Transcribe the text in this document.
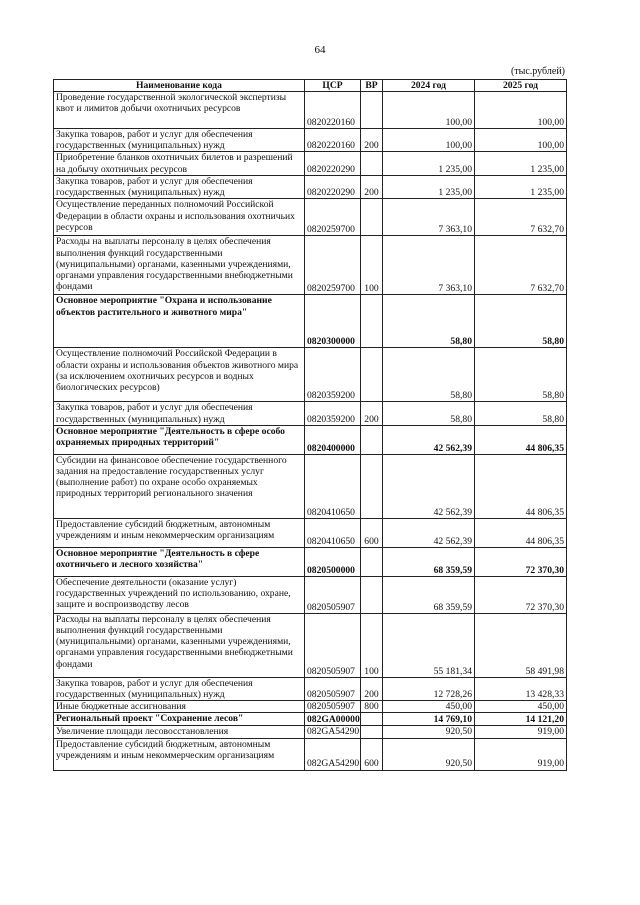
64
(тыс.рублей)
Наименование кода	ЦСР	ВР	2024 год	2025 год
Проведение государственной экологической экспертизы квот и лимитов добычи охотничьих ресурсов	0820220160		100,00	100,00
Закупка товаров, работ и услуг для обеспечения государственных (муниципальных) нужд	0820220160	200	100,00	100,00
Приобретение бланков охотничьих билетов и разрешений на добычу охотничьих ресурсов	0820220290		1 235,00	1 235,00
Закупка товаров, работ и услуг для обеспечения государственных (муниципальных) нужд	0820220290	200	1 235,00	1 235,00
Осуществление переданных полномочий Российской Федерации в области охраны и использования охотничьих ресурсов	0820259700		7 363,10	7 632,70
Расходы на выплаты персоналу в целях обеспечения выполнения функций государственными (муниципальными) органами, казенными учреждениями, органами управления государственными внебюджетными фондами	0820259700	100	7 363,10	7 632,70
Основное мероприятие "Охрана и использование объектов растительного и животного мира"	0820300000		58,80	58,80
Осуществление полномочий Российской Федерации в области охраны и использования объектов животного мира (за исключением охотничьих ресурсов и водных биологических ресурсов)	0820359200		58,80	58,80
Закупка товаров, работ и услуг для обеспечения государственных (муниципальных) нужд	0820359200	200	58,80	58,80
Основное мероприятие "Деятельность в сфере особо охраняемых природных территорий"	0820400000		42 562,39	44 806,35
Субсидии на финансовое обеспечение государственного задания на предоставление государственных услуг (выполнение работ) по охране особо охраняемых природных территорий регионального значения	0820410650		42 562,39	44 806,35
Предоставление субсидий бюджетным, автономным учреждениям и иным некоммерческим организациям	0820410650	600	42 562,39	44 806,35
Основное мероприятие "Деятельность в сфере охотничьего и лесного хозяйства"	0820500000		68 359,59	72 370,30
Обеспечение деятельности (оказание услуг) государственных учреждений по использованию, охране, защите и воспроизводству лесов	0820505907		68 359,59	72 370,30
Расходы на выплаты персоналу в целях обеспечения выполнения функций государственными (муниципальными) органами, казенными учреждениями, органами управления государственными внебюджетными фондами	0820505907	100	55 181,34	58 491,98
Закупка товаров, работ и услуг для обеспечения государственных (муниципальных) нужд	0820505907	200	12 728,26	13 428,33
Иные бюджетные ассигнования	0820505907	800	450,00	450,00
Региональный проект "Сохранение лесов"	082GA00000		14 769,10	14 121,20
Увеличение площади лесовосстановления	082GA54290		920,50	919,00
Предоставление субсидий бюджетным, автономным учреждениям и иным некоммерческим организациям	082GA54290	600	920,50	919,00
